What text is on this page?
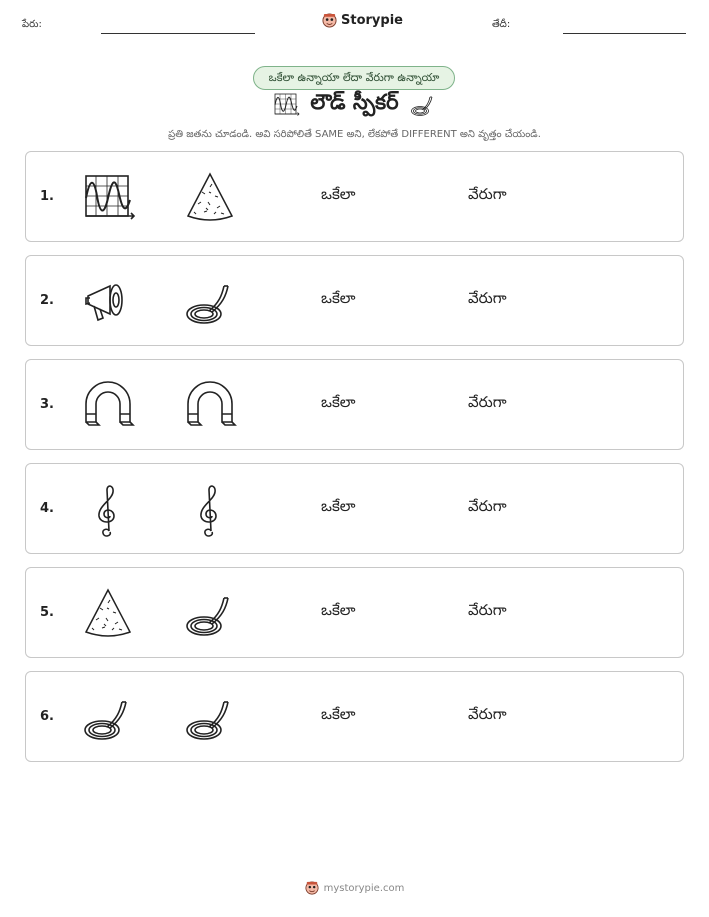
పేరు:	Storypie	తేదీ:
ఒకేలా ఉన్నాయా లేదా వేరుగా ఉన్నాయా
లౌడ్ స్పీకర్
ప్రతి జతను చూడండి. అవి సరిపోలితే SAME అని, లేకపోతే DIFFERENT అని వృత్తం చేయండి.
1.	ఒకేలా	వేరుగా
2.	ఒకేలా	వేరుగా
3.	ఒకేలా	వేరుగా
4.	ఒకేలా	వేరుగా
5.	ఒకేలా	వేరుగా
6.	ఒకేలా	వేరుగా
mystorypie.com
